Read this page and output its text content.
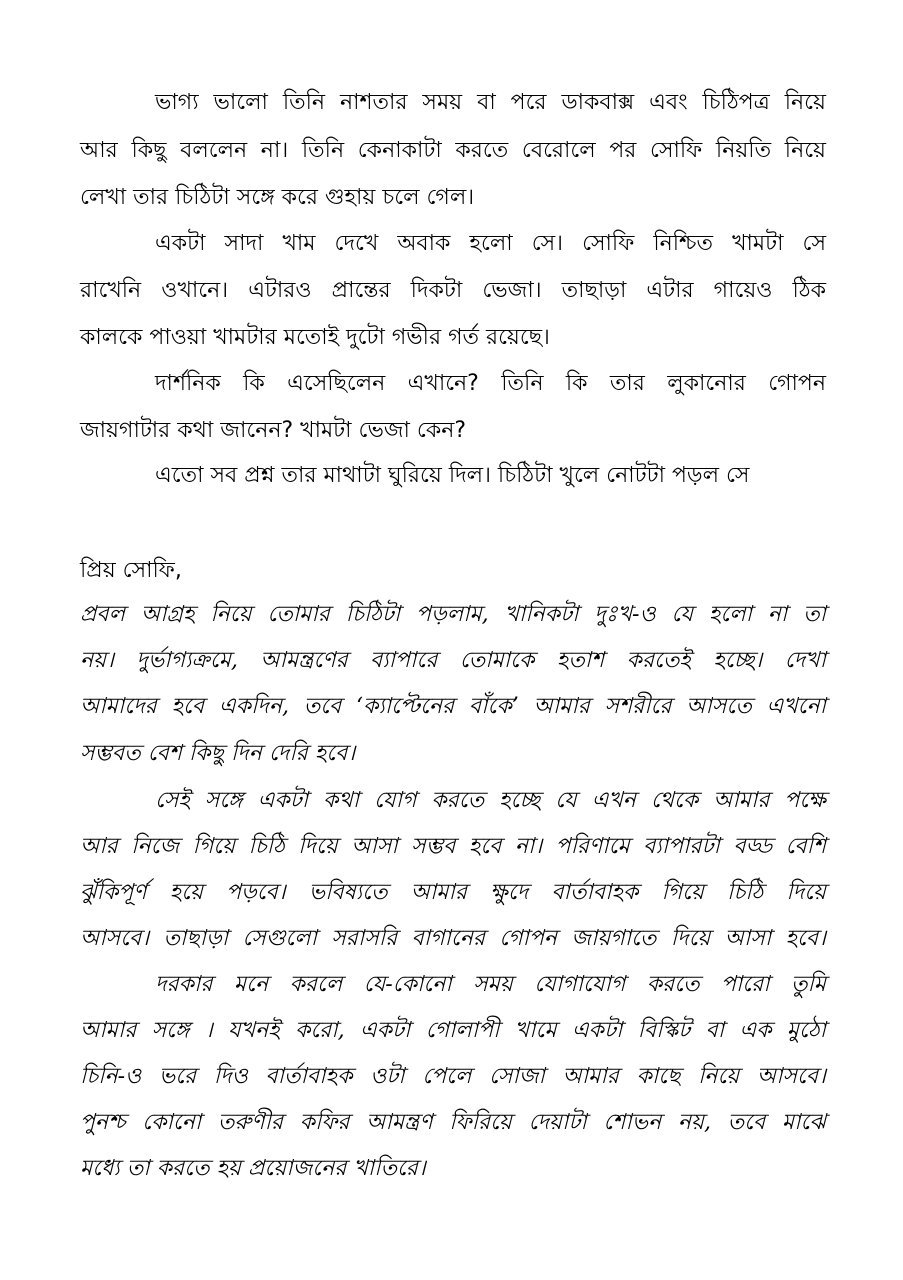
ভাগ্য ভালো তিনি নাশতার সময় বা পরে ডাকবাক্স এবং চিঠিপত্র নিয়ে
আর কিছু বললেন না। তিনি কেনাকাটা করতে বেরোলে পর সোফি নিয়তি নিয়ে
লেখা তার চিঠিটা সঙ্গে করে গুহায় চলে গেল।
একটা সাদা খাম দেখে অবাক হলো সে। সোফি নিশ্চিত খামটা সে
রাখেনি ওখানে। এটারও প্রান্তের দিকটা ভেজা। তাছাড়া এটার গায়েও ঠিক
কালকে পাওয়া খামটার মতোই দুটো গভীর গর্ত রয়েছে।
দার্শনিক কি এসেছিলেন এখানে? তিনি কি তার লুকানোর গোপন
জায়গাটার কথা জানেন? খামটা ভেজা কেন?
এতো সব প্রশ্ন তার মাথাটা ঘুরিয়ে দিল। চিঠিটা খুলে নোটটা পড়ল সে
প্রিয় সোফি,
প্রবল আগ্রহ নিয়ে তোমার চিঠিটা পড়লাম, খানিকটা দুঃখ-ও যে হলো না তা
নয়। দুর্ভাগ্যক্রমে, আমন্ত্রণের ব্যাপারে তোমাকে হতাশ করতেই হচ্ছে। দেখা
আমাদের হবে একদিন, তবে ‘ক্যাপ্টেনের বাঁকে’ আমার সশরীরে আসতে এখনো
সম্ভবত বেশ কিছু দিন দেরি হবে।
সেই সঙ্গে একটা কথা যোগ করতে হচ্ছে যে এখন থেকে আমার পক্ষে
আর নিজে গিয়ে চিঠি দিয়ে আসা সম্ভব হবে না। পরিণামে ব্যাপারটা বড্ড বেশি
ঝুঁকিপূর্ণ হয়ে পড়বে। ভবিষ্যতে আমার ক্ষুদে বার্তাবাহক গিয়ে চিঠি দিয়ে
আসবে। তাছাড়া সেগুলো সরাসরি বাগানের গোপন জায়গাতে দিয়ে আসা হবে।
দরকার মনে করলে যে-কোনো সময় যোগাযোগ করতে পারো তুমি
আমার সঙ্গে । যখনই করো, একটা গোলাপী খামে একটা বিস্কিট বা এক মুঠো
চিনি-ও ভরে দিও বার্তাবাহক ওটা পেলে সোজা আমার কাছে নিয়ে আসবে।
পুনশ্চ কোনো তরুণীর কফির আমন্ত্রণ ফিরিয়ে দেয়াটা শোভন নয়, তবে মাঝে
মধ্যে তা করতে হয় প্রয়োজনের খাতিরে।
